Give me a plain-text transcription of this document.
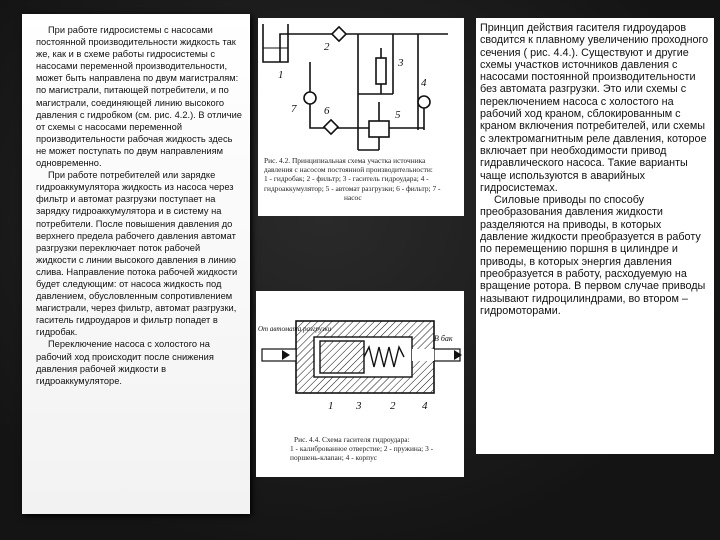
При работе гидросистемы с насосами постоянной производительности жидкость так же, как и в схеме работы гидросистемы с насосами переменной производительности, может быть направлена по двум магистралям: по магистрали, питающей потребители, и по магистрали, соединяющей линию высокого давления с гидробком (см. рис. 4.2.). В отличие от схемы с насосами переменной производительности рабочая жидкость здесь не может поступать по двум направлениям одновременно.

При работе потребителей или зарядке гидроаккумулятора жидкость из насоса через фильтр и автомат разгрузки поступает на зарядку гидроаккумулятора и в систему на потребители. После повышения давления до верхнего предела рабочего давления автомат разгрузки переключает поток рабочей жидкости с линии высокого давления в линию слива. Направление потока рабочей жидкости будет следующим: от насоса жидкость под давлением, обусловленным сопротивлением магистрали, через фильтр, автомат разгрузки, гаситель гидроударов и фильтр попадет в гидробак.

Переключение насоса с холостого на рабочий ход происходит после снижения давления рабочей жидкости в гидроаккумуляторе.

1
2
3
4
5
6
7
Рис. 4.2. Принципиальная схема участка источника
давления с насосом постоянной производительности:
1 - гидробак; 2 - фильтр; 3 - гаситель гидроудара; 4 -
гидроаккумулятор; 5 - автомат разгрузки; 6 - фильтр; 7 -
насос
От автомата разгрузки
В бак
1	2
3	4
Рис. 4.4. Схема гасителя гидроудара:
1 - калиброванное отверстие; 2 - пружина; 3 -
поршень-клапан; 4 - корпус

Принцип действия гасителя гидроударов сводится к плавному увеличению проходного сечения ( рис. 4.4.). Существуют и другие схемы участков источников давления с насосами постоянной производительности без автомата разгрузки. Это или схемы с переключением насоса с холостого на рабочий ход краном, сблокированным с краном включения потребителей, или схемы с электромагнитным реле давления, которое включает при необходимости привод гидравлического насоса. Такие варианты чаще используются в аварийных гидросистемах.

Силовые приводы по способу преобразования давления жидкости разделяются на приводы, в которых давление жидкости преобразуется в работу по перемещению поршня в цилиндре и приводы, в которых энергия давления преобразуется в работу, расходуемую на вращение ротора. В первом случае приводы называют гидроцилиндрами, во втором – гидромоторами.
